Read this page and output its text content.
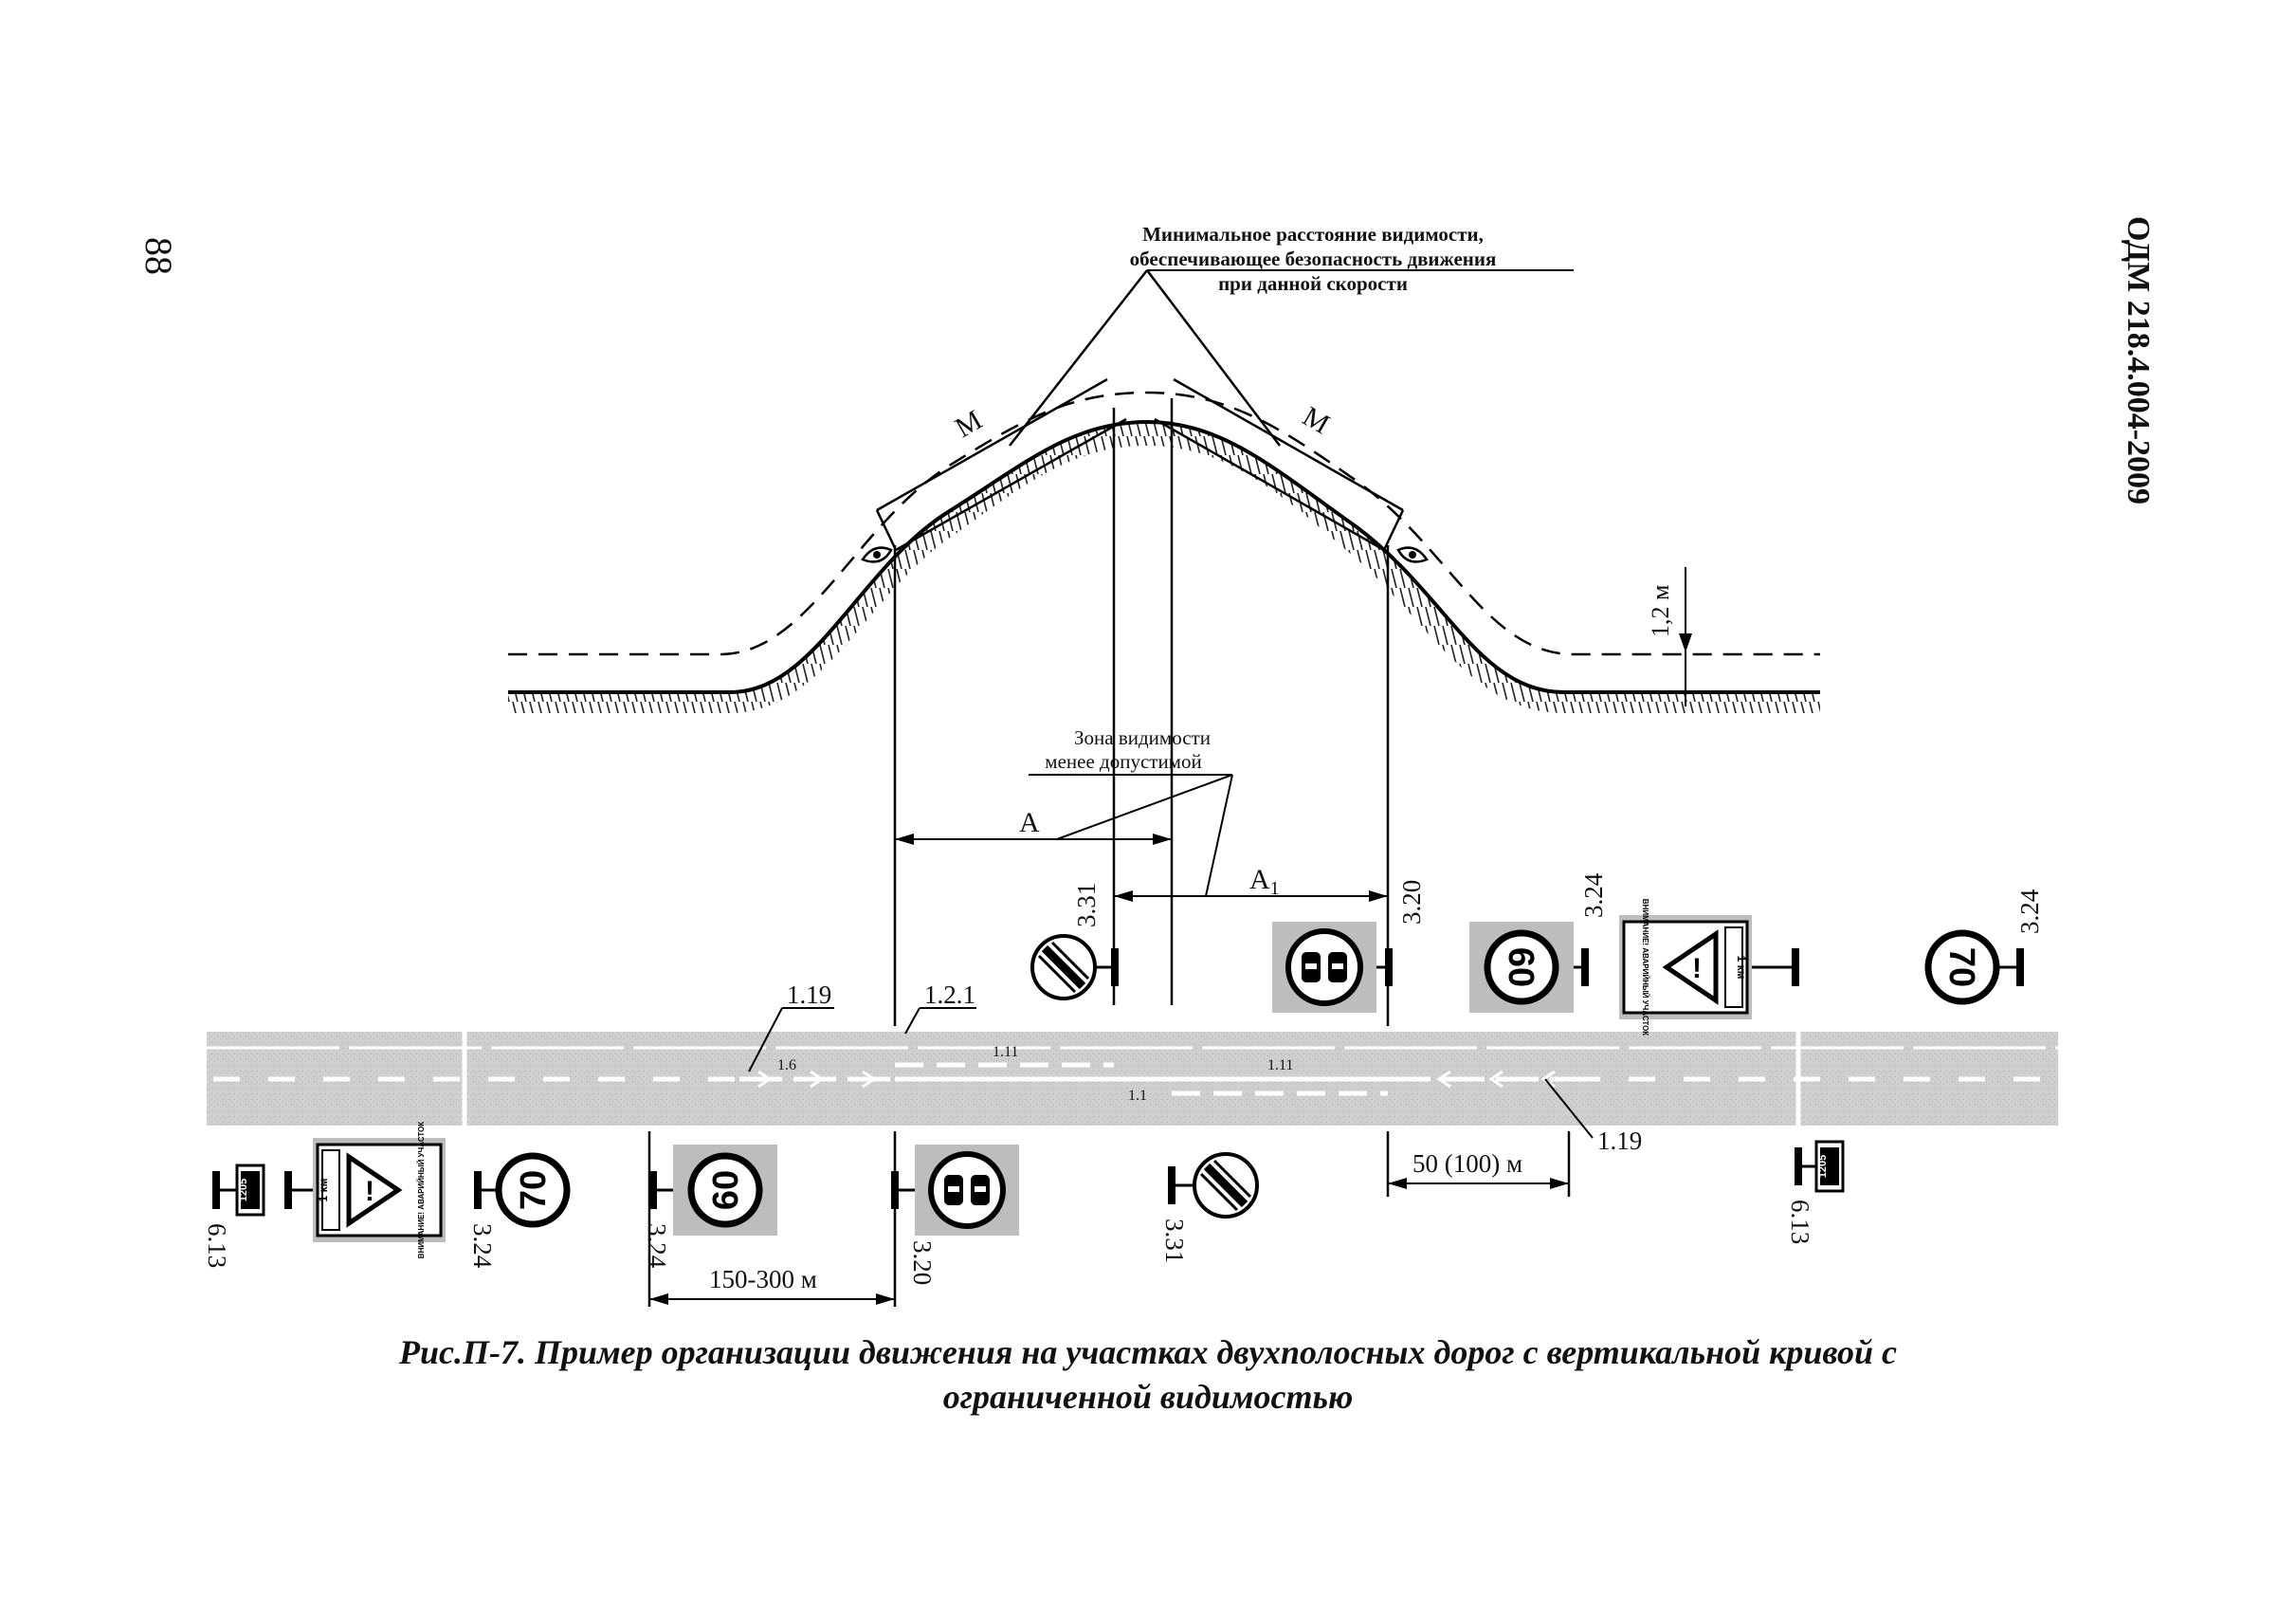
88	ОДМ 218.4.004-2009
М	М
Минимальное расстояние видимости,
обеспечивающее безопасность движения
при данной скорости
1,2 м
Зона видимости
менее допустимой
А
$А_1$
1.19	1.2.1
1.6
1.11
1.11
1.1
1.19
50 (100) м
150-300 м
3.31	3.20
60
3.24
!	1 км
ВНИМАНИЕ! АВАРИЙНЫЙ УЧАСТОК	70
3.24
1205
6.13
!
1 км	ВНИМАНИЕ! АВАРИЙНЫЙ УЧАСТОК 70
3.24
60
3.24	3.20	3.31
1205
6.13
Рис.П-7. Пример организации движения на участках двухполосных дорог с вертикальной кривой с
ограниченной видимостью
